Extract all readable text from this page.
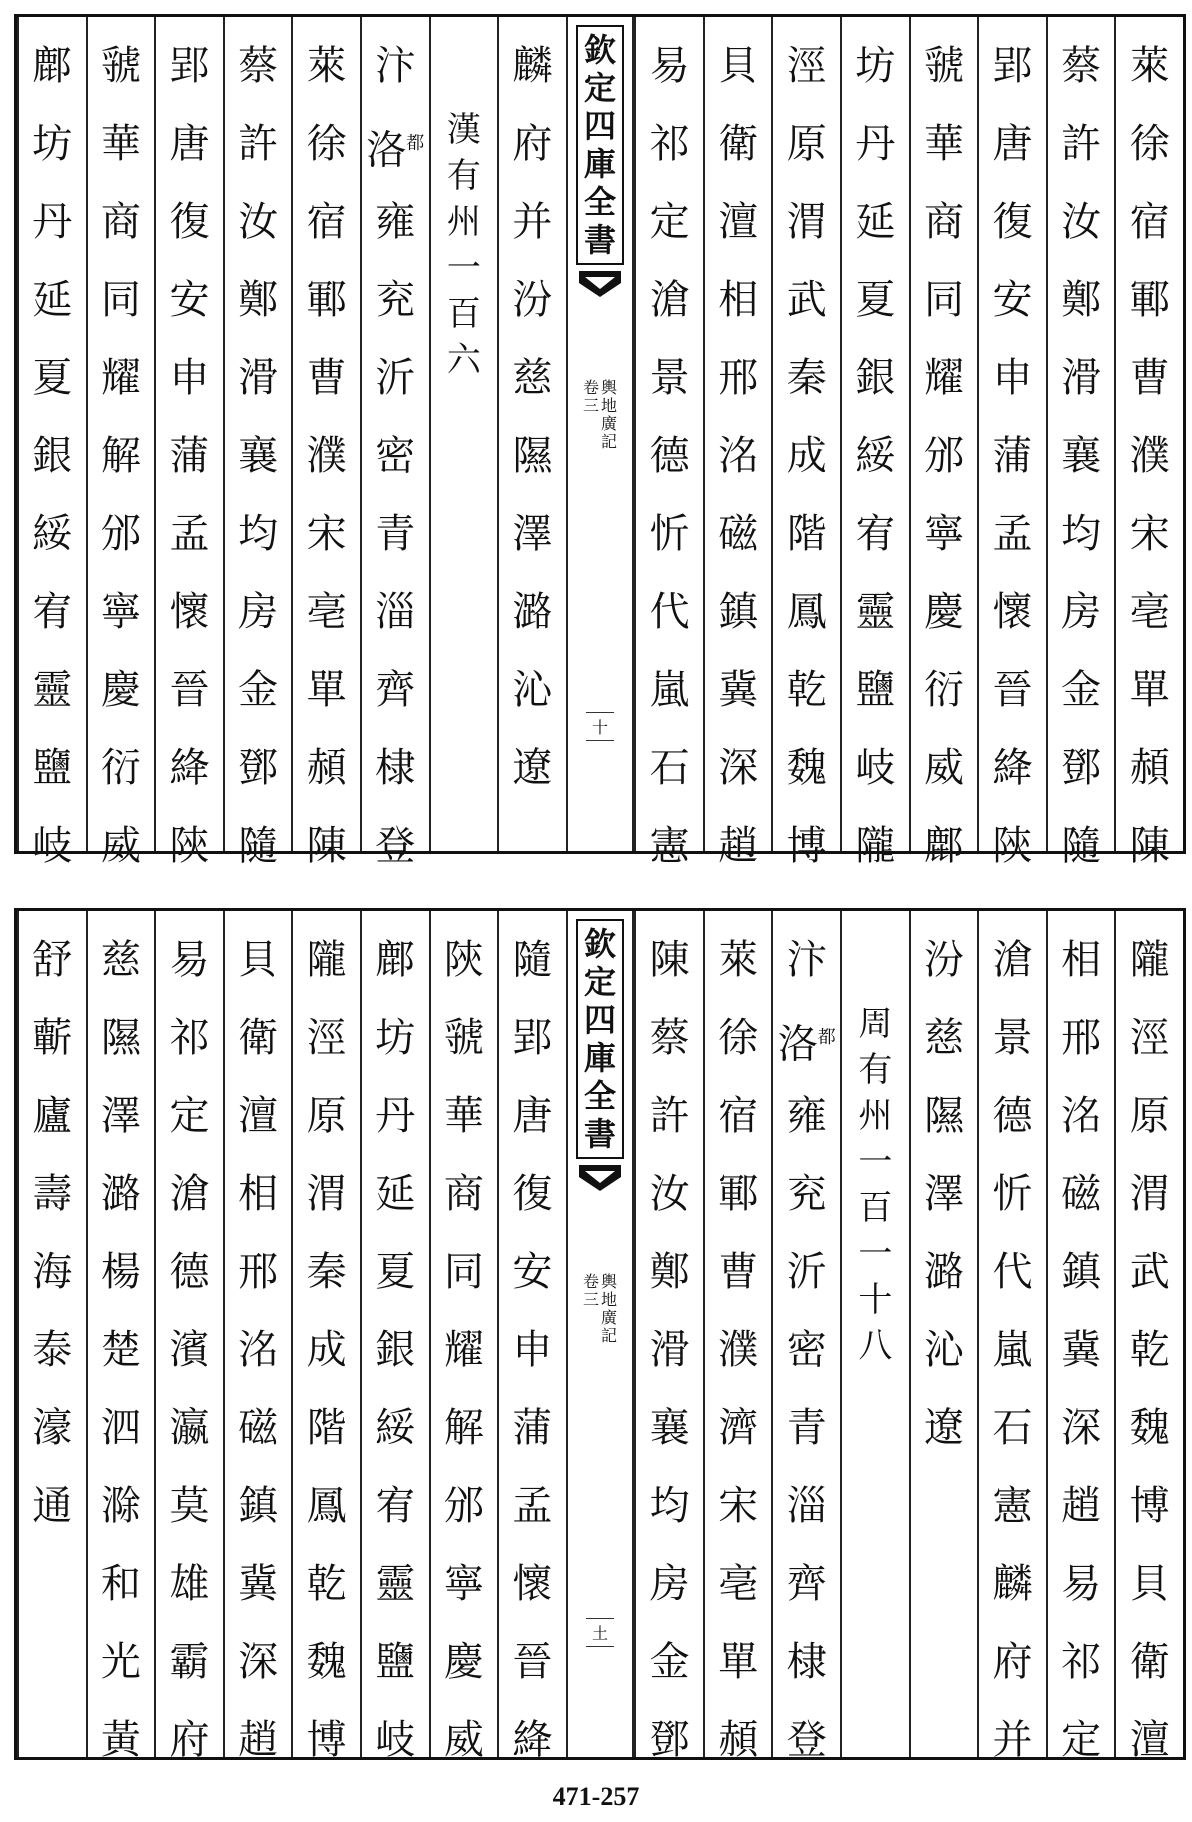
萊
徐
宿
鄆
曹
濮
宋
亳
單
頳
陳
蔡
許
汝
鄭
滑
襄
均
房
金
鄧
隨
郢
唐
復
安
申
蒲
孟
懷
晉
絳
陝
虢
華
商
同
耀
邠
寧
慶
衍
威
鄜
坊
丹
延
夏
銀
綏
宥
靈
鹽
岐
隴
涇
原
渭
武
秦
成
階
鳳
乾
魏
博
貝
衛
澶
相
邢
洺
磁
鎮
冀
深
趙
易
祁
定
滄
景
德
忻
代
嵐
石
憲
欽
定
四
庫
全
書
輿
地
廣
記
卷
三
十
麟
府
并
汾
慈
隰
澤
潞
沁
遼
漢
有
州
一
百
六
汴
洛$^都$
雍
兖
沂
密
青
淄
齊
棣
登
萊
徐
宿
鄆
曹
濮
宋
亳
單
頳
陳
蔡
許
汝
鄭
滑
襄
均
房
金
鄧
隨
郢
唐
復
安
申
蒲
孟
懷
晉
絳
陝
虢
華
商
同
耀
解
邠
寧
慶
衍
威
鄜
坊
丹
延
夏
銀
綏
宥
靈
鹽
岐
隴
涇
原
渭
武
乾
魏
博
貝
衛
澶
相
邢
洺
磁
鎮
冀
深
趙
易
祁
定
滄
景
德
忻
代
嵐
石
憲
麟
府
并
汾
慈
隰
澤
潞
沁
遼
周
有
州
一
百
一
十
八
汴
洛$^都$
雍
兖
沂
密
青
淄
齊
棣
登
萊
徐
宿
鄆
曹
濮
濟
宋
亳
單
頳
陳
蔡
許
汝
鄭
滑
襄
均
房
金
鄧
欽
定
四
庫
全
書
輿
地
廣
記
卷
三
土
隨
郢
唐
復
安
申
蒲
孟
懷
晉
絳
陝
虢
華
商
同
耀
解
邠
寧
慶
威
鄜
坊
丹
延
夏
銀
綏
宥
靈
鹽
岐
隴
涇
原
渭
秦
成
階
鳳
乾
魏
博
貝
衛
澶
相
邢
洺
磁
鎮
冀
深
趙
易
祁
定
滄
德
濱
瀛
莫
雄
霸
府
慈
隰
澤
潞
楊
楚
泗
滁
和
光
黃
舒
蘄
廬
壽
海
泰
濠
通
471-257
